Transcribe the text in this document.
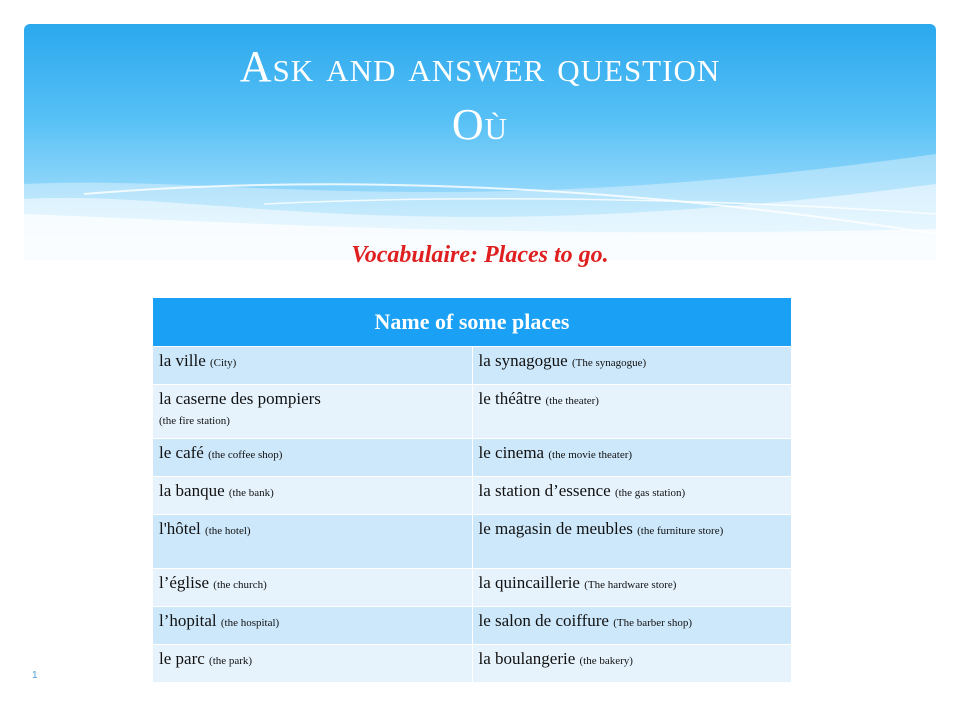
Ask and answer question
Où
Vocabulaire: Places to go.
Name of some places	
la ville (City)	la synagogue (The synagogue)
la caserne des pompiers
(the fire station)	le théâtre (the theater)
le café (the coffee shop)	le cinema (the movie theater)
la banque (the bank)	la station d’essence (the gas station)
l'hôtel (the hotel)	le magasin de meubles (the furniture store)
l’église (the church)	la quincaillerie (The hardware store)
l’hopital (the hospital)	le salon de coiffure (The barber shop)
le parc (the park)	la boulangerie (the bakery)
1
